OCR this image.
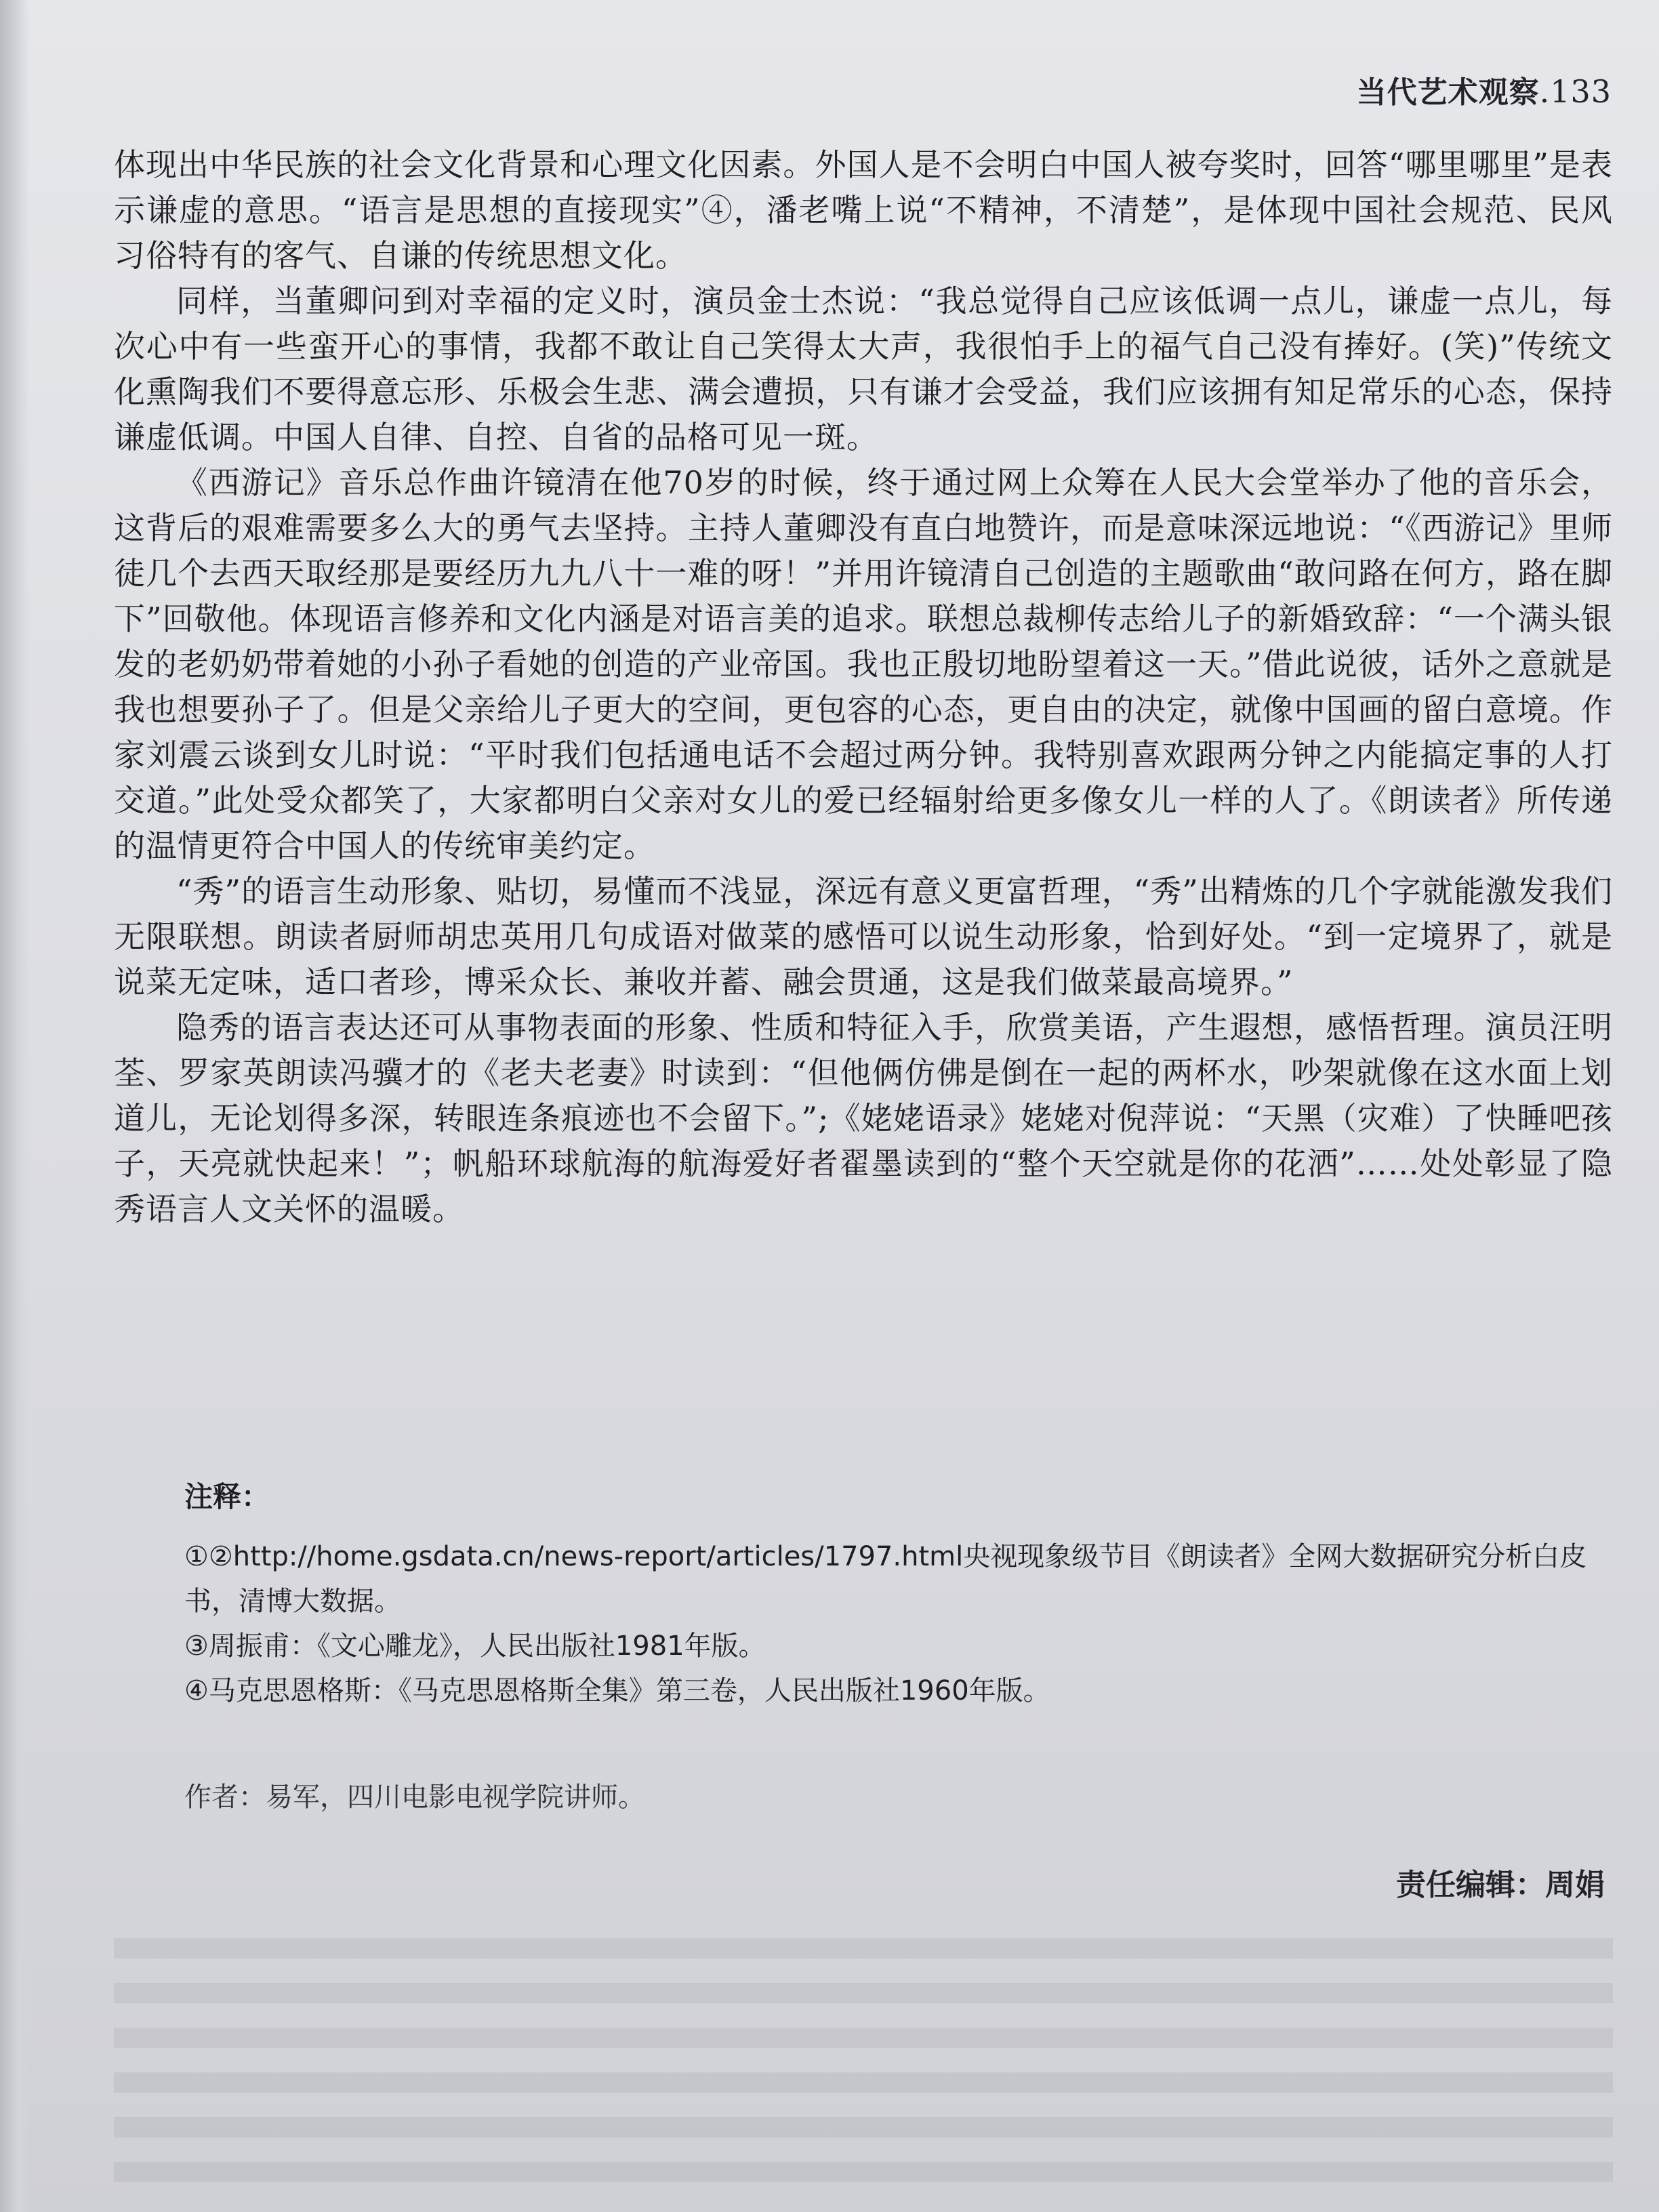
当代艺术观察.133

体现出中华民族的社会文化背景和心理文化因素。外国人是不会明白中国人被夸奖时，回答“哪里哪里”是表示谦虚的意思。“语言是思想的直接现实”④，潘老嘴上说“不精神，不清楚”，是体现中国社会规范、民风习俗特有的客气、自谦的传统思想文化。

同样，当董卿问到对幸福的定义时，演员金士杰说：“我总觉得自己应该低调一点儿，谦虚一点儿，每次心中有一些蛮开心的事情，我都不敢让自己笑得太大声，我很怕手上的福气自己没有捧好。(笑)”传统文化熏陶我们不要得意忘形、乐极会生悲、满会遭损，只有谦才会受益，我们应该拥有知足常乐的心态，保持谦虚低调。中国人自律、自控、自省的品格可见一斑。

《西游记》音乐总作曲许镜清在他70岁的时候，终于通过网上众筹在人民大会堂举办了他的音乐会，这背后的艰难需要多么大的勇气去坚持。主持人董卿没有直白地赞许，而是意味深远地说：“《西游记》里师徒几个去西天取经那是要经历九九八十一难的呀！”并用许镜清自己创造的主题歌曲“敢问路在何方，路在脚下”回敬他。体现语言修养和文化内涵是对语言美的追求。联想总裁柳传志给儿子的新婚致辞：“一个满头银发的老奶奶带着她的小孙子看她的创造的产业帝国。我也正殷切地盼望着这一天。”借此说彼，话外之意就是我也想要孙子了。但是父亲给儿子更大的空间，更包容的心态，更自由的决定，就像中国画的留白意境。作家刘震云谈到女儿时说：“平时我们包括通电话不会超过两分钟。我特别喜欢跟两分钟之内能搞定事的人打交道。”此处受众都笑了，大家都明白父亲对女儿的爱已经辐射给更多像女儿一样的人了。《朗读者》所传递的温情更符合中国人的传统审美约定。

“秀”的语言生动形象、贴切，易懂而不浅显，深远有意义更富哲理，“秀”出精炼的几个字就能激发我们无限联想。朗读者厨师胡忠英用几句成语对做菜的感悟可以说生动形象，恰到好处。“到一定境界了，就是说菜无定味，适口者珍，博采众长、兼收并蓄、融会贯通，这是我们做菜最高境界。”

隐秀的语言表达还可从事物表面的形象、性质和特征入手，欣赏美语，产生遐想，感悟哲理。演员汪明荃、罗家英朗读冯骥才的《老夫老妻》时读到：“但他俩仿佛是倒在一起的两杯水，吵架就像在这水面上划道儿，无论划得多深，转眼连条痕迹也不会留下。”;《姥姥语录》姥姥对倪萍说：“天黑（灾难）了快睡吧孩子，天亮就快起来！”；帆船环球航海的航海爱好者翟墨读到的“整个天空就是你的花洒”……处处彰显了隐秀语言人文关怀的温暖。

注释：

①②http://home.gsdata.cn/news-report/articles/1797.html央视现象级节目《朗读者》全网大数据研究分析白皮书，清博大数据。

③周振甫：《文心雕龙》，人民出版社1981年版。

④马克思恩格斯：《马克思恩格斯全集》第三卷，人民出版社1960年版。

作者：易军，四川电影电视学院讲师。
责任编辑：周娟
